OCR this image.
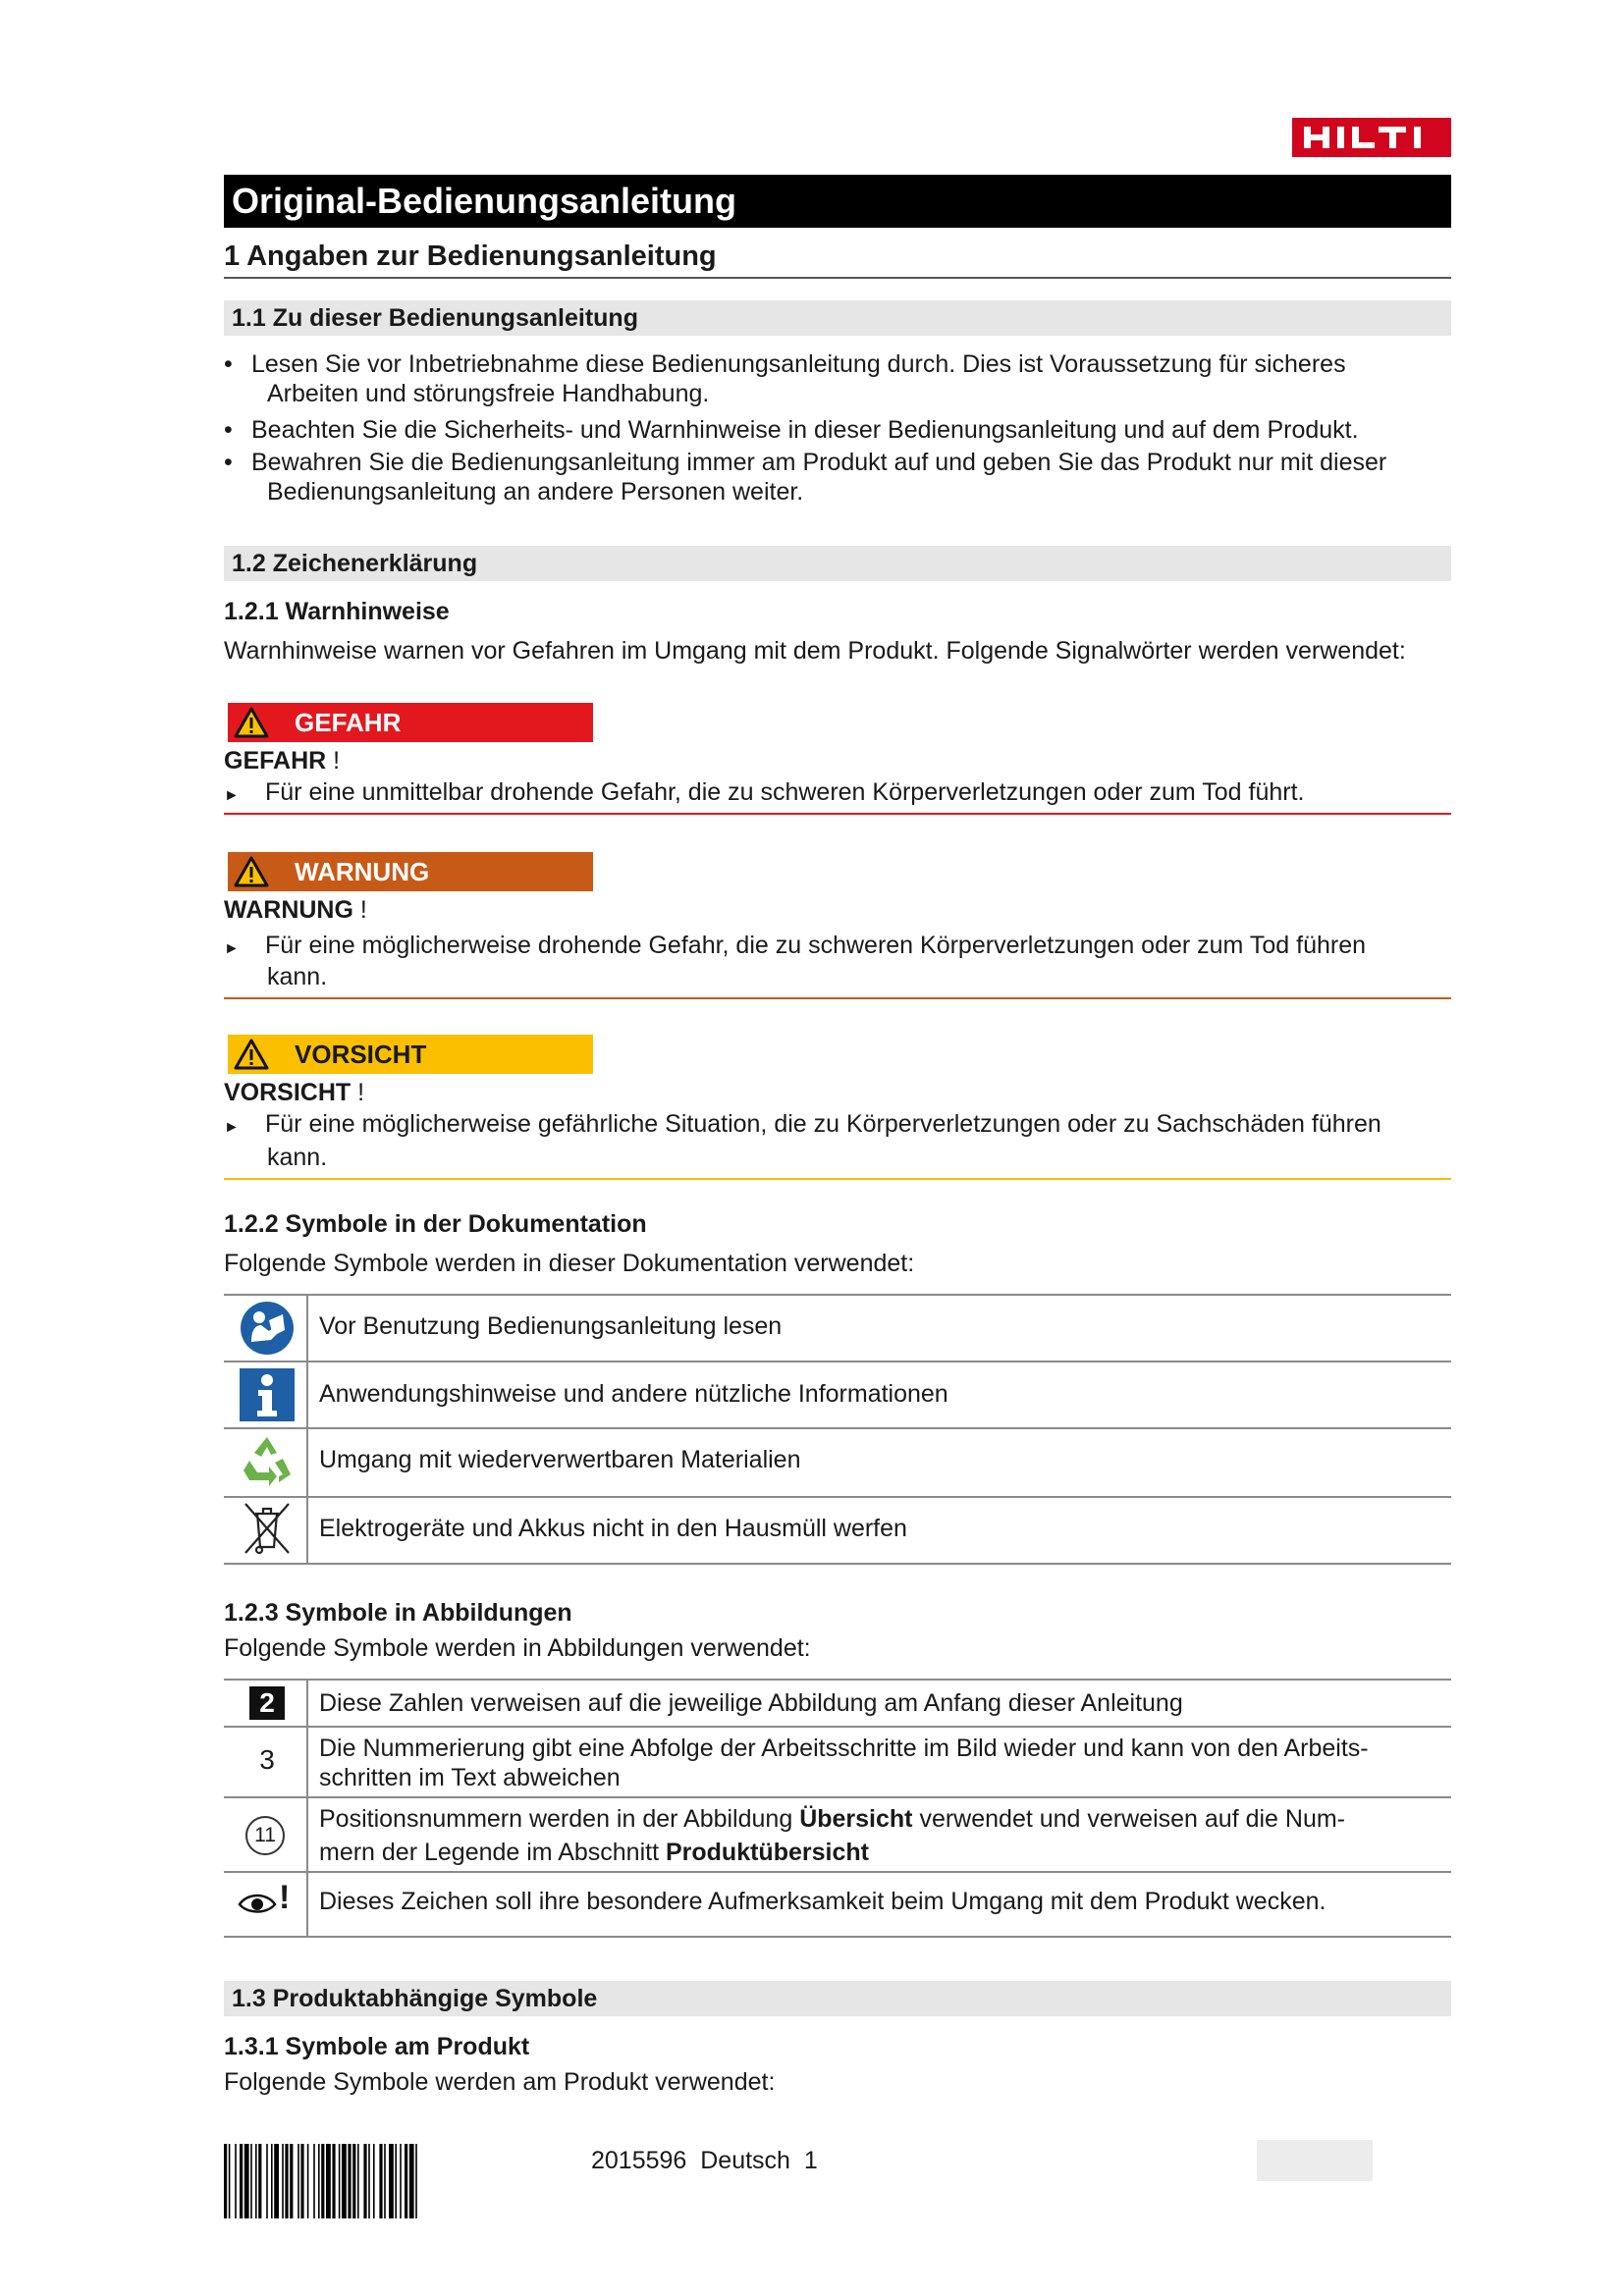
Original-Bedienungsanleitung
1 Angaben zur Bedienungsanleitung
1.1 Zu dieser Bedienungsanleitung
• Lesen Sie vor Inbetriebnahme diese Bedienungsanleitung durch. Dies ist Voraussetzung für sicheres
Arbeiten und störungsfreie Handhabung.
• Beachten Sie die Sicherheits- und Warnhinweise in dieser Bedienungsanleitung und auf dem Produkt.
• Bewahren Sie die Bedienungsanleitung immer am Produkt auf und geben Sie das Produkt nur mit dieser
Bedienungsanleitung an andere Personen weiter.
1.2 Zeichenerklärung
1.2.1 Warnhinweise
Warnhinweise warnen vor Gefahren im Umgang mit dem Produkt. Folgende Signalwörter werden verwendet:
GEFAHR
GEFAHR !
► Für eine unmittelbar drohende Gefahr, die zu schweren Körperverletzungen oder zum Tod führt.
WARNUNG
WARNUNG !
► Für eine möglicherweise drohende Gefahr, die zu schweren Körperverletzungen oder zum Tod führen
kann.
VORSICHT
VORSICHT !
► Für eine möglicherweise gefährliche Situation, die zu Körperverletzungen oder zu Sachschäden führen
kann.
1.2.2 Symbole in der Dokumentation
Folgende Symbole werden in dieser Dokumentation verwendet:
Vor Benutzung Bedienungsanleitung lesen
Anwendungshinweise und andere nützliche Informationen
Umgang mit wiederverwertbaren Materialien
Elektrogeräte und Akkus nicht in den Hausmüll werfen
1.2.3 Symbole in Abbildungen
Folgende Symbole werden in Abbildungen verwendet:
2	Diese Zahlen verweisen auf die jeweilige Abbildung am Anfang dieser Anleitung
3	Die Nummerierung gibt eine Abfolge der Arbeitsschritte im Bild wieder und kann von den Arbeits-
schritten im Text abweichen
11
Positionsnummern werden in der Abbildung Übersicht verwendet und verweisen auf die Num-
mern der Legende im Abschnitt Produktübersicht
! Dieses Zeichen soll ihre besondere Aufmerksamkeit beim Umgang mit dem Produkt wecken.
1.3 Produktabhängige Symbole
1.3.1 Symbole am Produkt
Folgende Symbole werden am Produkt verwendet:
2015596 Deutsch 1
